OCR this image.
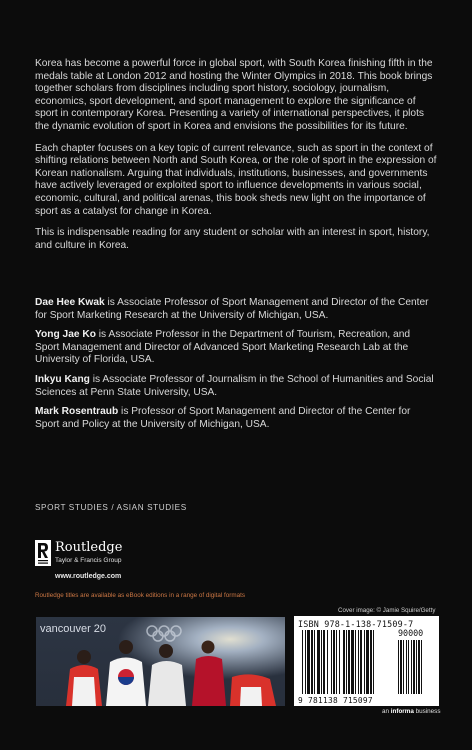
Korea has become a powerful force in global sport, with South Korea finishing fifth in the medals table at London 2012 and hosting the Winter Olympics in 2018. This book brings together scholars from disciplines including sport history, sociology, journalism, economics, sport development, and sport management to explore the significance of sport in contemporary Korea. Presenting a variety of international perspectives, it plots the dynamic evolution of sport in Korea and envisions the possibilities for its future.

Each chapter focuses on a key topic of current relevance, such as sport in the context of shifting relations between North and South Korea, or the role of sport in the expression of Korean nationalism. Arguing that individuals, institutions, businesses, and governments have actively leveraged or exploited sport to influence developments in various social, economic, cultural, and political arenas, this book sheds new light on the importance of sport as a catalyst for change in Korea.

This is indispensable reading for any student or scholar with an interest in sport, history, and culture in Korea.

Dae Hee Kwak is Associate Professor of Sport Management and Director of the Center for Sport Marketing Research at the University of Michigan, USA.

Yong Jae Ko is Associate Professor in the Department of Tourism, Recreation, and Sport Management and Director of Advanced Sport Marketing Research Lab at the University of Florida, USA.

Inkyu Kang is Associate Professor of Journalism in the School of Humanities and Social Sciences at Penn State University, USA.

Mark Rosentraub is Professor of Sport Management and Director of the Center for Sport and Policy at the University of Michigan, USA.

SPORT STUDIES / ASIAN STUDIES
Routledge
Taylor & Francis Group
www.routledge.com
Routledge titles are available as eBook editions in a range of digital formats
vancouver 20
Cover image: © Jamie Squire/Getty
ISBN 978-1-138-71509-7
90000
9 781138 715097
an informa business
